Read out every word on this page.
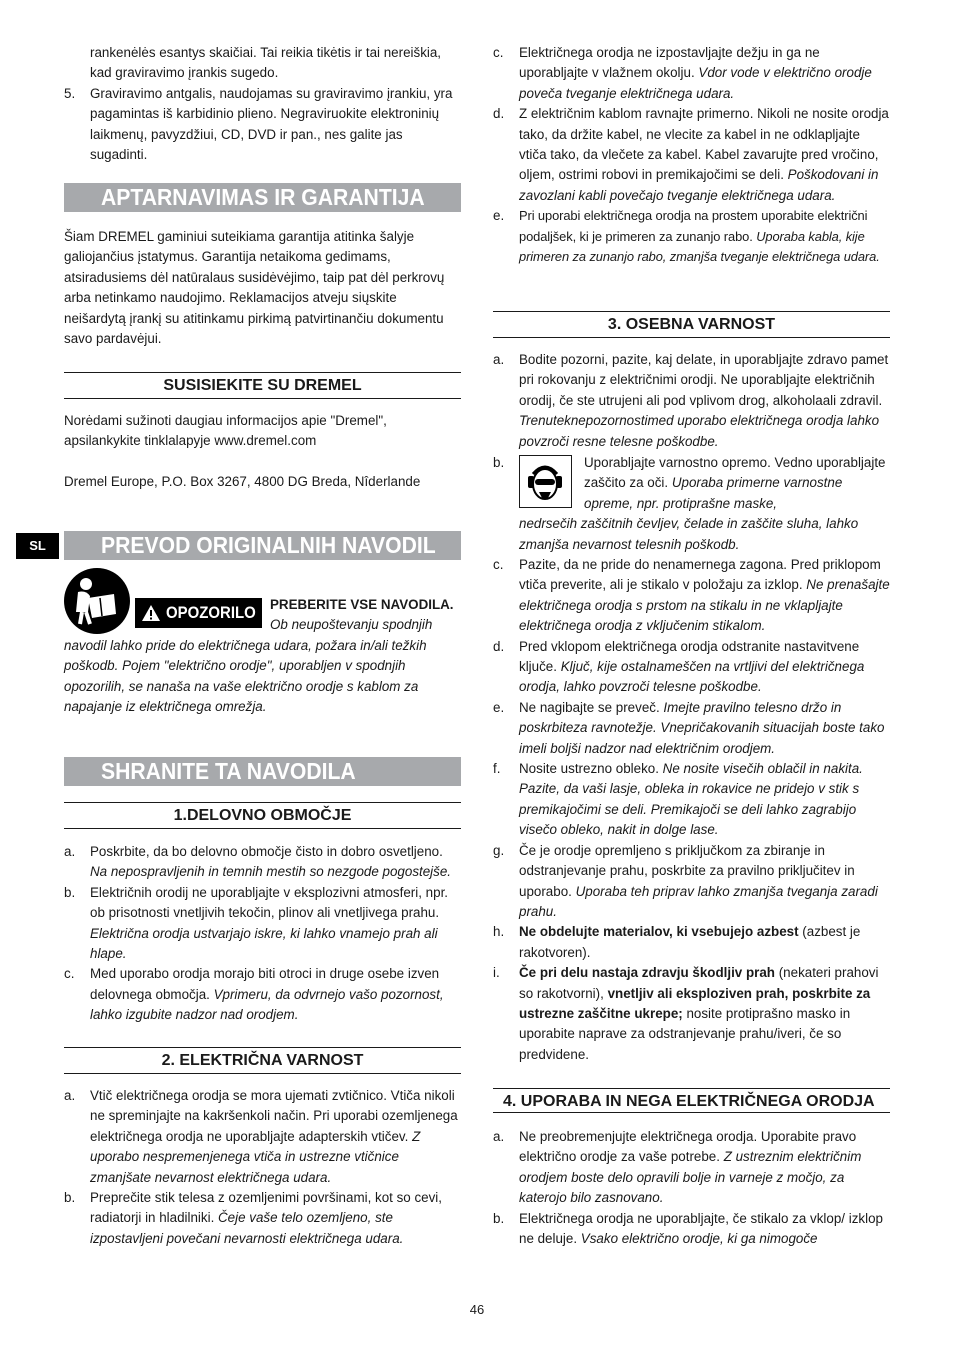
rankenėlės esantys skaičiai. Tai reikia tikėtis ir tai nereiškia, kad graviravimo įrankis sugedo.

5. Graviravimo antgalis, naudojamas su graviravimo įrankiu, yra pagamintas iš karbidinio plieno. Negraviruokite elektroninių laikmenų, pavyzdžiui, CD, DVD ir pan., nes galite jas sugadinti.

APTARNAVIMAS IR GARANTIJA

Šiam DREMEL gaminiui suteikiama garantija atitinka šalyje galiojančius įstatymus. Garantija netaikoma gedimams, atsiradusiems dėl natūralaus susidėvėjimo, taip pat dėl perkrovų arba netinkamo naudojimo. Reklamacijos atveju siųskite neišardytą įrankį su atitinkamu pirkimą patvirtinančiu dokumentu savo pardavėjui.

SUSISIEKITE SU DREMEL

Norėdami sužinoti daugiau informacijos apie "Dremel", apsilankykite tinklalapyje www.dremel.com

Dremel Europe, P.O. Box 3267, 4800 DG Breda, Nîderlande

PREVOD ORIGINALNIH NAVODIL

PREBERITE VSE NAVODILA.

Ob neupoštevanju spodnjih

navodil lahko pride do električnega udara, požara in/ali težkih poškodb. Pojem "električno orodje", uporabljen v spodnjih opozorilih, se nanaša na vaše električno orodje s kablom za napajanje iz električnega omrežja.

SHRANITE TA NAVODILA
1.DELOVNO OBMOČJE
a. Poskrbite, da bo delovno območje čisto in dobro osvetljeno. Na nepospravljenih in temnih mestih so nezgode pogostejše.

b. Električnih orodij ne uporabljajte v eksplozivni atmosferi, npr. ob prisotnosti vnetljivih tekočin, plinov ali vnetljivega prahu. Električna orodja ustvarjajo iskre, ki lahko vnamejo prah ali hlape.

c. Med uporabo orodja morajo biti otroci in druge osebe izven delovnega območja. Vprimeru, da odvrnejo vašo pozornost, lahko izgubite nadzor nad orodjem.

2. ELEKTRIČNA VARNOST
a. Vtič električnega orodja se mora ujemati zvtičnico. Vtiča nikoli ne spreminjajte na kakršenkoli način. Pri uporabi ozemljenega električnega orodja ne uporabljajte adapterskih vtičev. Z uporabo nespremenjenega vtiča in ustrezne vtičnice zmanjšate nevarnost električnega udara.

b. Preprečite stik telesa z ozemljenimi površinami, kot so cevi, radiatorji in hladilniki. Čeje vaše telo ozemljeno, ste izpostavljeni povečani nevarnosti električnega udara.

SL
OPOZORILO
c. Električnega orodja ne izpostavljajte dežju in ga ne uporabljajte v vlažnem okolju. Vdor vode v električno orodje poveča tveganje električnega udara.

d. Z električnim kablom ravnajte primerno. Nikoli ne nosite orodja tako, da držite kabel, ne vlecite za kabel in ne odklapljajte vtiča tako, da vlečete za kabel. Kabel zavarujte pred vročino, oljem, ostrimi robovi in premikajočimi se deli. Poškodovani in zavozlani kabli povečajo tveganje električnega udara.

e. Pri uporabi električnega orodja na prostem uporabite električni podaljšek, ki je primeren za zunanjo rabo. Uporaba kabla, kije primeren za zunanjo rabo, zmanjša tveganje električnega udara.

3. OSEBNA VARNOST
a. Bodite pozorni, pazite, kaj delate, in uporabljajte zdravo pamet pri rokovanju z električnimi orodji. Ne uporabljajte električnih orodij, če ste utrujeni ali pod vplivom drog, alkoholaali zdravil. Trenuteknepozornostimed uporabo električnega orodja lahko povzroči resne telesne poškodbe.

b.	Uporabljajte varnostno opremo. Vedno uporabljajte zaščito za oči. Uporaba primerne varnostne opreme, npr. protiprašne maske,

nedrsečih zaščitnih čevljev, čelade in zaščite sluha, lahko zmanjša nevarnost telesnih poškodb.

c. Pazite, da ne pride do nenamernega zagona. Pred priklopom vtiča preverite, ali je stikalo v položaju za izklop. Ne prenašajte električnega orodja s prstom na stikalu in ne vklapljajte električnega orodja z vključenim stikalom.

d. Pred vklopom električnega orodja odstranite nastavitvene ključe. Ključ, kije ostalnameščen na vrtljivi del električnega orodja, lahko povzroči telesne poškodbe.

e. Ne nagibajte se preveč. Imejte pravilno telesno držo in poskrbiteza ravnotežje. Vnepričakovanih situacijah boste tako imeli boljši nadzor nad električnim orodjem.

f. Nosite ustrezno obleko. Ne nosite visečih oblačil in nakita. Pazite, da vaši lasje, obleka in rokavice ne pridejo v stik s premikajočimi se deli. Premikajoči se deli lahko zagrabijo visečo obleko, nakit in dolge lase.

g. Če je orodje opremljeno s priključkom za zbiranje in odstranjevanje prahu, poskrbite za pravilno priključitev in uporabo. Uporaba teh priprav lahko zmanjša tveganja zaradi prahu.

h. Ne obdelujte materialov, ki vsebujejo azbest (azbest je rakotvoren).

i. Če pri delu nastaja zdravju škodljiv prah (nekateri prahovi so rakotvorni), vnetljiv ali eksploziven prah, poskrbite za ustrezne zaščitne ukrepe; nosite protiprašno masko in uporabite naprave za odstranjevanje prahu/iveri, če so predvidene.

4. UPORABA IN NEGA ELEKTRIČNEGA ORODJA
a. Ne preobremenjujte električnega orodja. Uporabite pravo električno orodje za vaše potrebe. Z ustreznim električnim orodjem boste delo opravili bolje in varneje z močjo, za katerojo bilo zasnovano.

b. Električnega orodja ne uporabljajte, če stikalo za vklop/ izklop ne deluje. Vsako električno orodje, ki ga nimogoče

46
